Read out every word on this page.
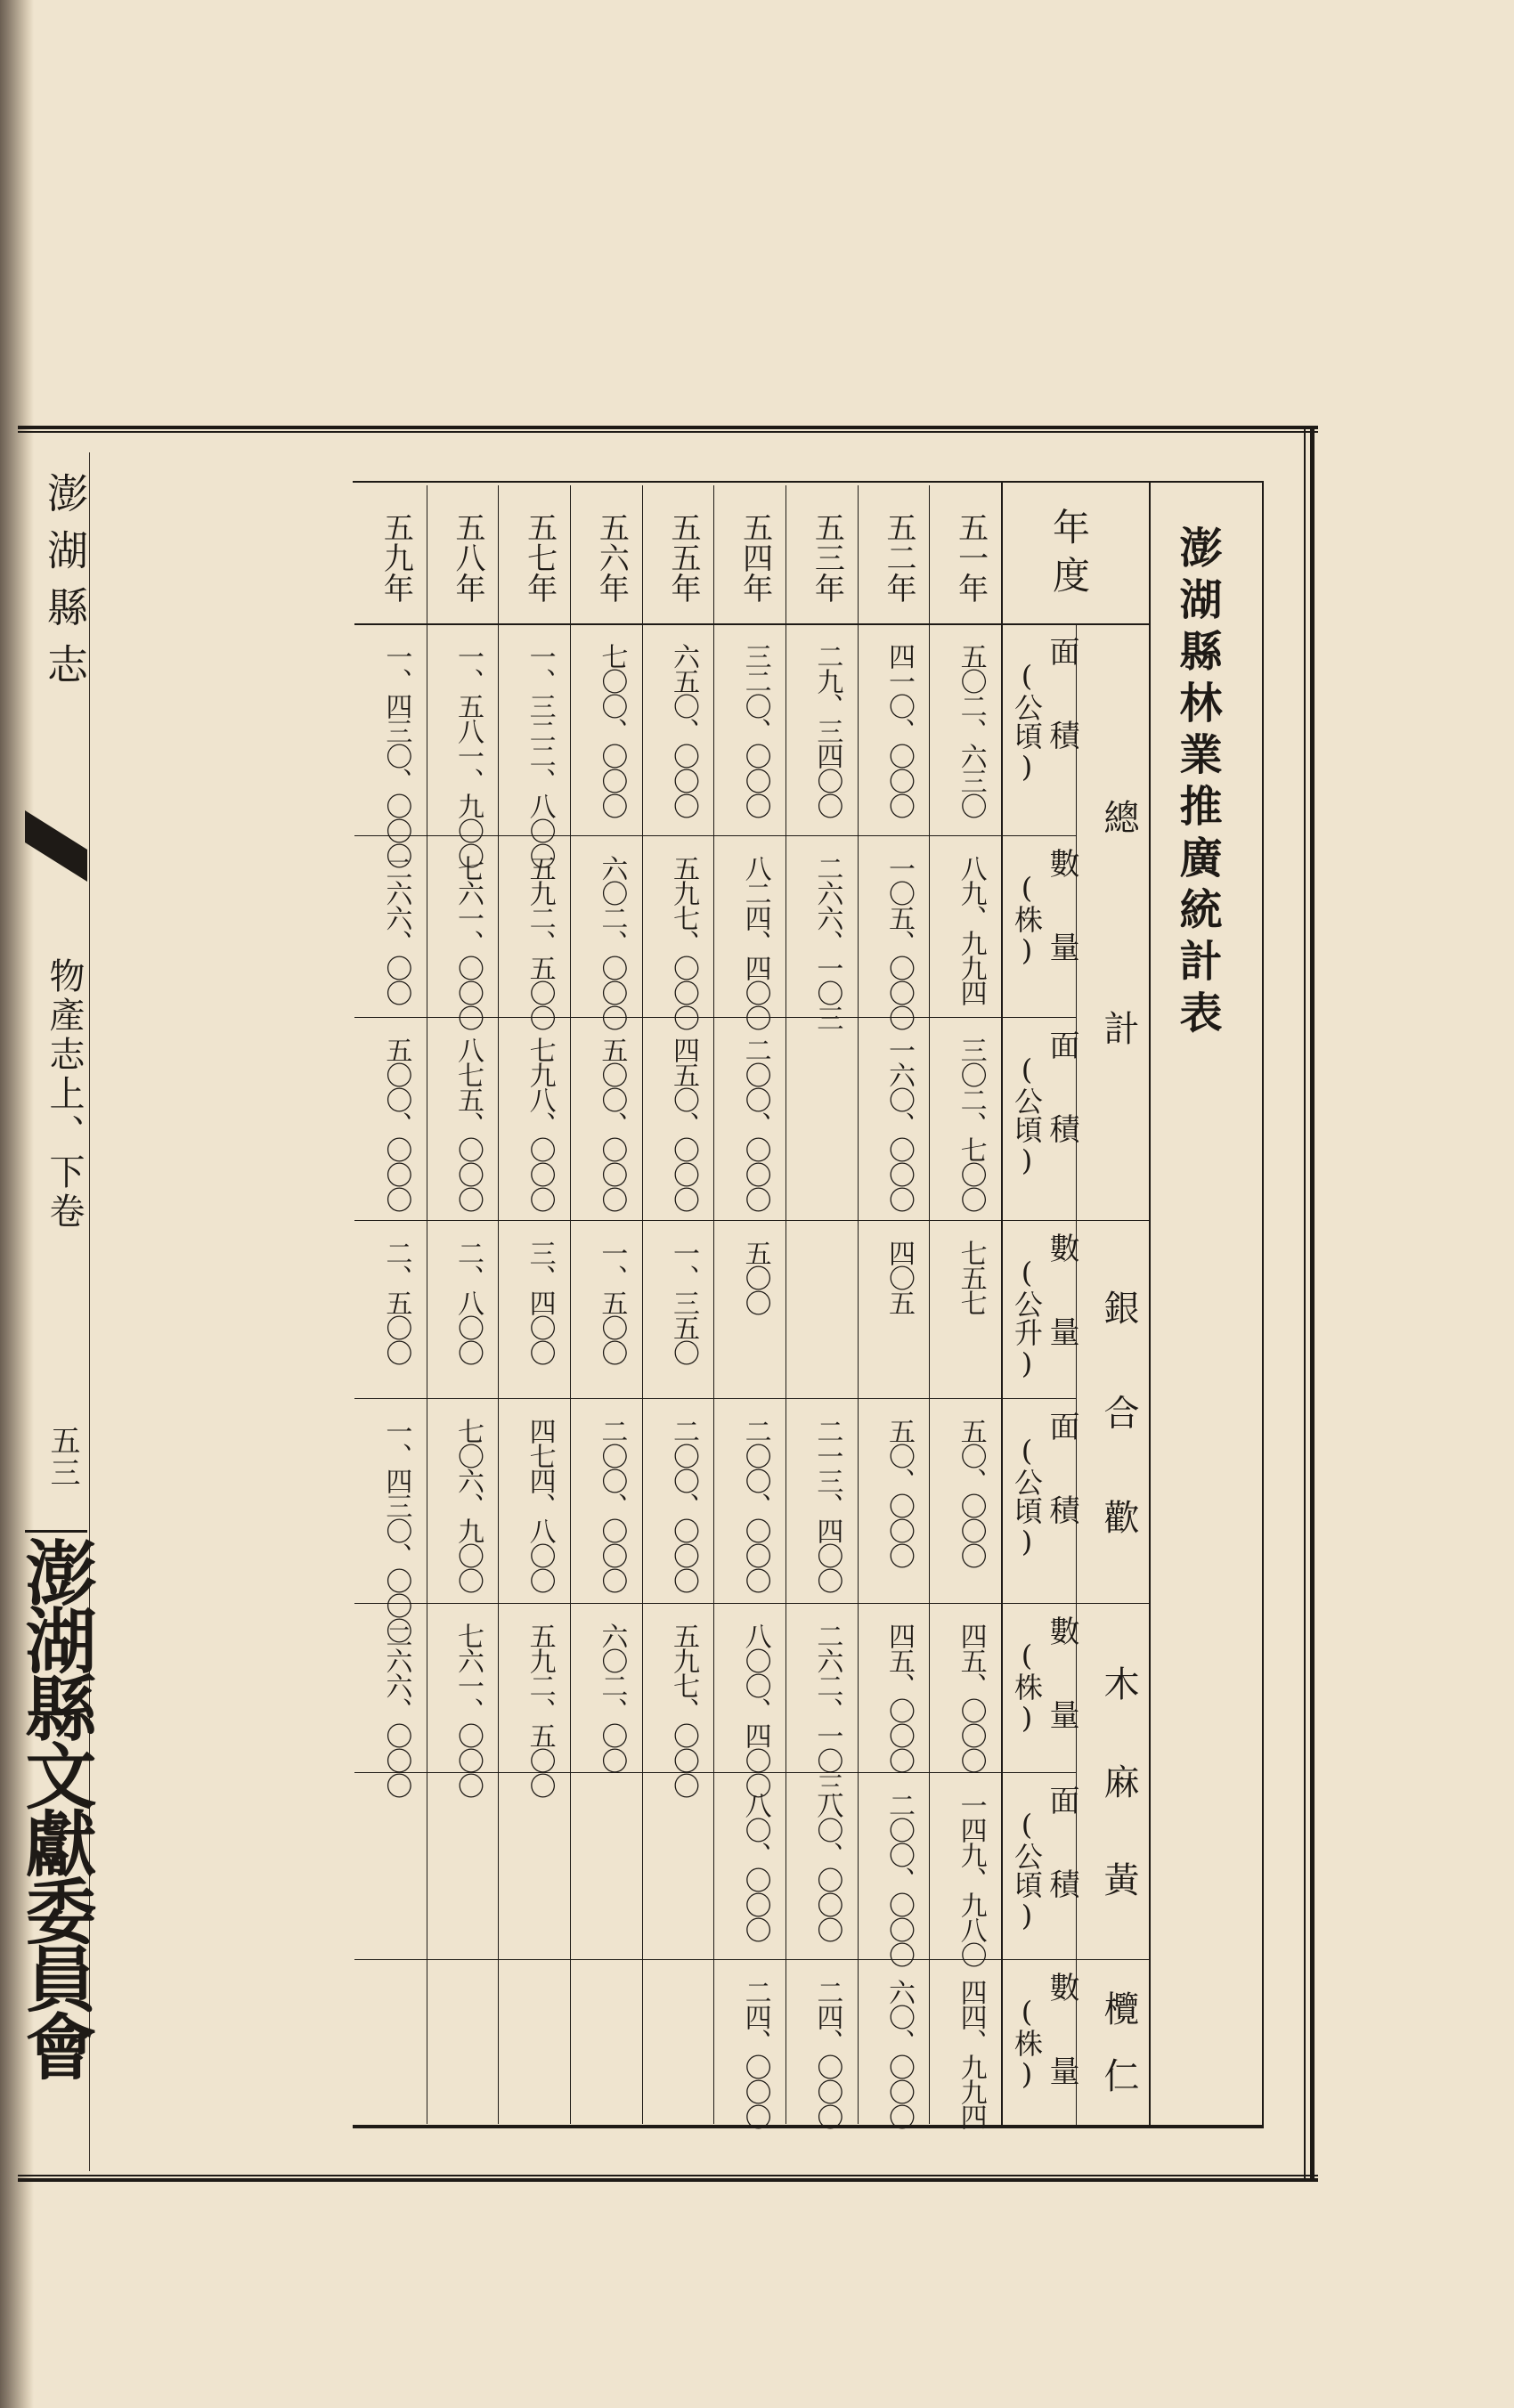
澎湖縣志
物產志上、下卷
五三
澎湖縣文獻委員會
澎湖縣林業推廣統計表
年度
總計
銀合歡
木麻黃
欖仁
面積
(公頃)
數量
(株)
面積
(公頃)
數量
(公升)
面積
(公頃)
數量
(株)
面積
(公頃)
數量
(株)
五一年
五〇二、六三〇
八九、九九四
三〇二、七〇〇
七五七
五〇、〇〇〇
四五、〇〇〇
一四九、九八〇
四四、九九四
五二年
四一〇、〇〇〇
一〇五、〇〇〇
一六〇、〇〇〇
四〇五
五〇、〇〇〇
四五、〇〇〇
二〇〇、〇〇〇
六〇、〇〇〇
五三年
二九、三四〇〇
二六六、一〇三
二一三、四〇〇
二六二、一〇三
八〇、〇〇〇
二四、〇〇〇
五四年
三二〇、〇〇〇
八二四、四〇〇
二〇〇、〇〇〇
五〇〇
二〇〇、〇〇〇
八〇〇、四〇〇
八〇、〇〇〇
二四、〇〇〇
五五年
六五〇、〇〇〇
五九七、〇〇〇
四五〇、〇〇〇
一、三五〇
二〇〇、〇〇〇
五九七、〇〇〇
五六年
七〇〇、〇〇〇
六〇二、〇〇〇
五〇〇、〇〇〇
一、五〇〇
二〇〇、〇〇〇
六〇二、〇〇
五七年
一、三二二、八〇〇
五九二、五〇〇
七九八、〇〇〇
三、四〇〇
四七四、八〇〇
五九二、五〇〇
五八年
一、五八一、九〇〇
七六一、〇〇〇
八七五、〇〇〇
二、八〇〇
七〇六、九〇〇
七六一、〇〇〇
五九年
一、四三〇、〇〇〇
二六六、〇〇
五〇〇、〇〇〇
二、五〇〇
一、四三〇、〇〇〇
二六六、〇〇〇
